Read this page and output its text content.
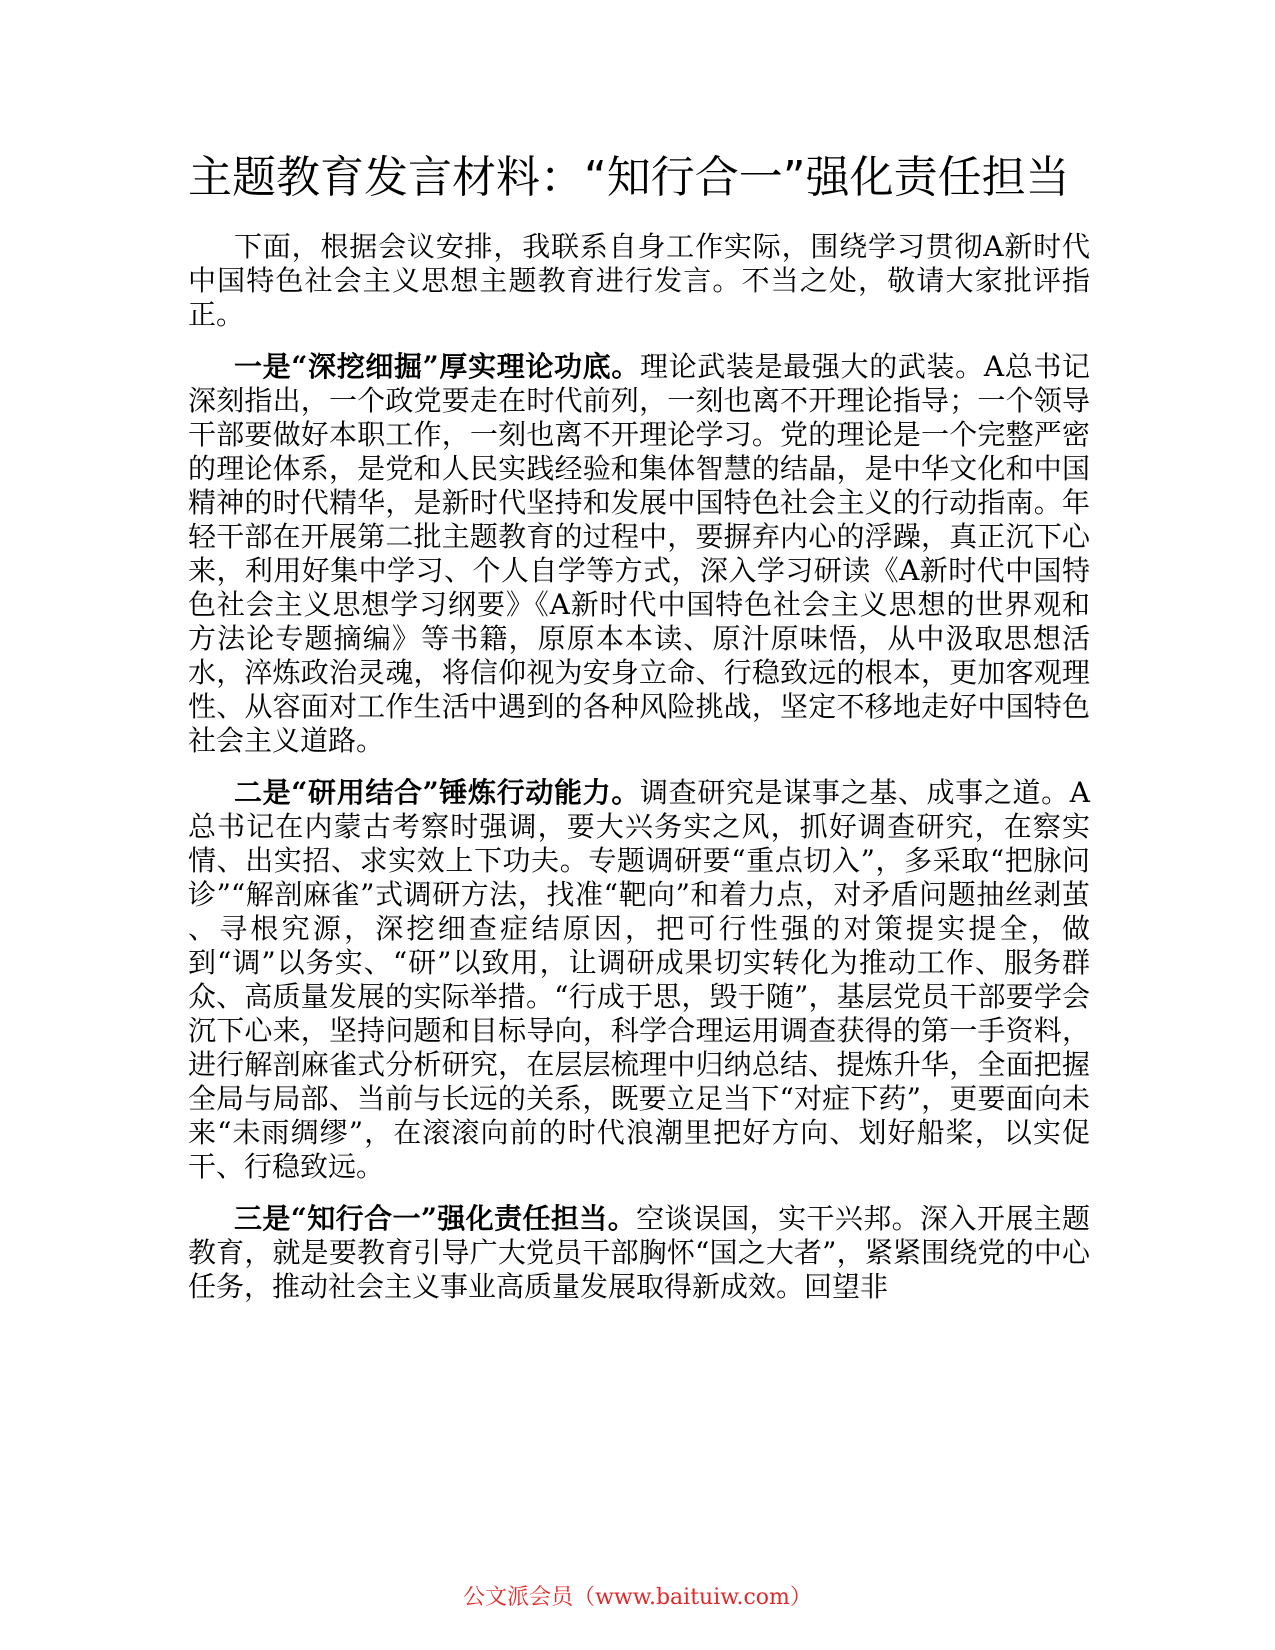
主题教育发言材料：“知行合一”强化责任担当

下面，根据会议安排，我联系自身工作实际，围绕学习贯彻A新时代中国特色社会主义思想主题教育进行发言。不当之处，敬请大家批评指正。

一是“深挖细掘”厚实理论功底。理论武装是最强大的武装。A总书记深刻指出，一个政党要走在时代前列，一刻也离不开理论指导；一个领导干部要做好本职工作，一刻也离不开理论学习。党的理论是一个完整严密的理论体系，是党和人民实践经验和集体智慧的结晶，是中华文化和中国精神的时代精华，是新时代坚持和发展中国特色社会主义的行动指南。年轻干部在开展第二批主题教育的过程中，要摒弃内心的浮躁，真正沉下心来，利用好集中学习、个人自学等方式，深入学习研读《A新时代中国特色社会主义思想学习纲要》《A新时代中国特色社会主义思想的世界观和方法论专题摘编》等书籍，原原本本读、原汁原味悟，从中汲取思想活水，淬炼政治灵魂，将信仰视为安身立命、行稳致远的根本，更加客观理性、从容面对工作生活中遇到的各种风险挑战，坚定不移地走好中国特色社会主义道路。

二是“研用结合”锤炼行动能力。调查研究是谋事之基、成事之道。A总书记在内蒙古考察时强调，要大兴务实之风，抓好调查研究，在察实情、出实招、求实效上下功夫。专题调研要“重点切入”，多采取“把脉问诊”“解剖麻雀”式调研方法，找准“靶向”和着力点，对矛盾问题抽丝剥茧 、寻根究源，深挖细查症结原因，把可行性强的对策提实提全，做到“调”以务实、“研”以致用，让调研成果切实转化为推动工作、服务群众、高质量发展的实际举措。“行成于思，毁于随”，基层党员干部要学会沉下心来，坚持问题和目标导向，科学合理运用调查获得的第一手资料，进行解剖麻雀式分析研究，在层层梳理中归纳总结、提炼升华，全面把握全局与局部、当前与长远的关系，既要立足当下“对症下药”，更要面向未来“未雨绸缪”，在滚滚向前的时代浪潮里把好方向、划好船桨，以实促干、行稳致远。

三是“知行合一”强化责任担当。空谈误国，实干兴邦。深入开展主题教育，就是要教育引导广大党员干部胸怀“国之大者”，紧紧围绕党的中心任务，推动社会主义事业高质量发展取得新成效。回望非

公文派会员（www.baituiw.com）
